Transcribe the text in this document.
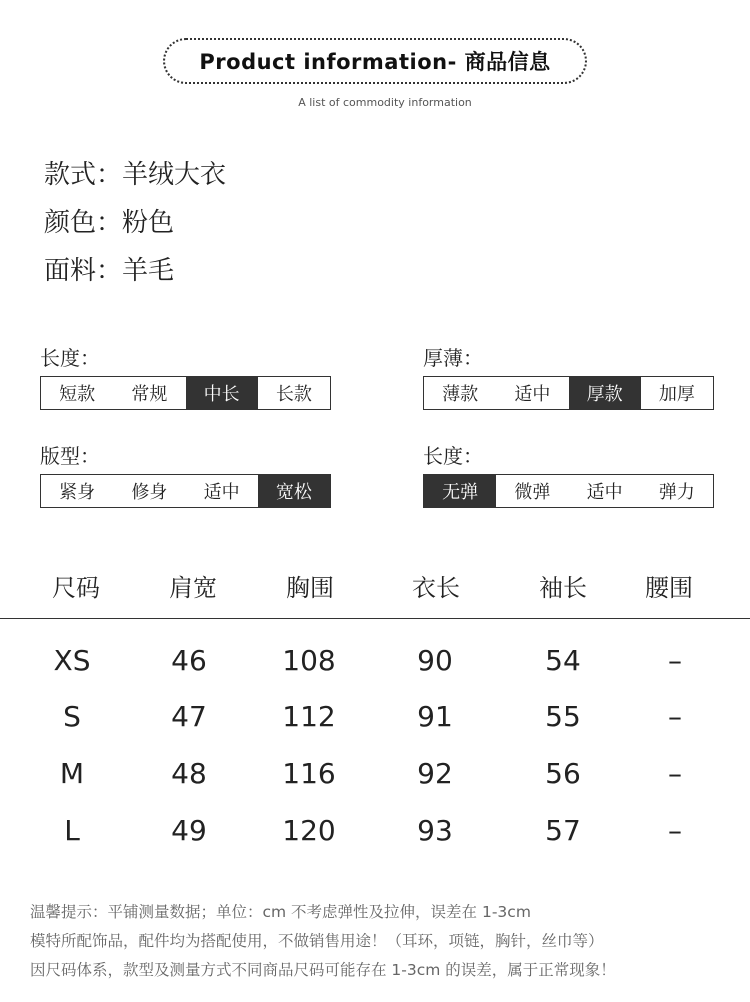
Product information- 商品信息
A list of commodity information
款式：羊绒大衣
颜色：粉色
面料：羊毛
长度：
短款	常规	中长	长款
厚薄：
薄款	适中	厚款	加厚
版型：
紧身	修身	适中	宽松
长度：
无弹	微弹	适中	弹力
尺码	肩宽	胸围	衣长	袖长 腰围
XS	46	108	90	54	–
S	47	112	91	55	–
M	48	116	92	56	–
L	49	120	93	57	–
温馨提示：平铺测量数据；单位：cm 不考虑弹性及拉伸，误差在 1-3cm
模特所配饰品，配件均为搭配使用，不做销售用途！（耳环，项链，胸针，丝巾等）
因尺码体系，款型及测量方式不同商品尺码可能存在 1-3cm 的误差，属于正常现象！
